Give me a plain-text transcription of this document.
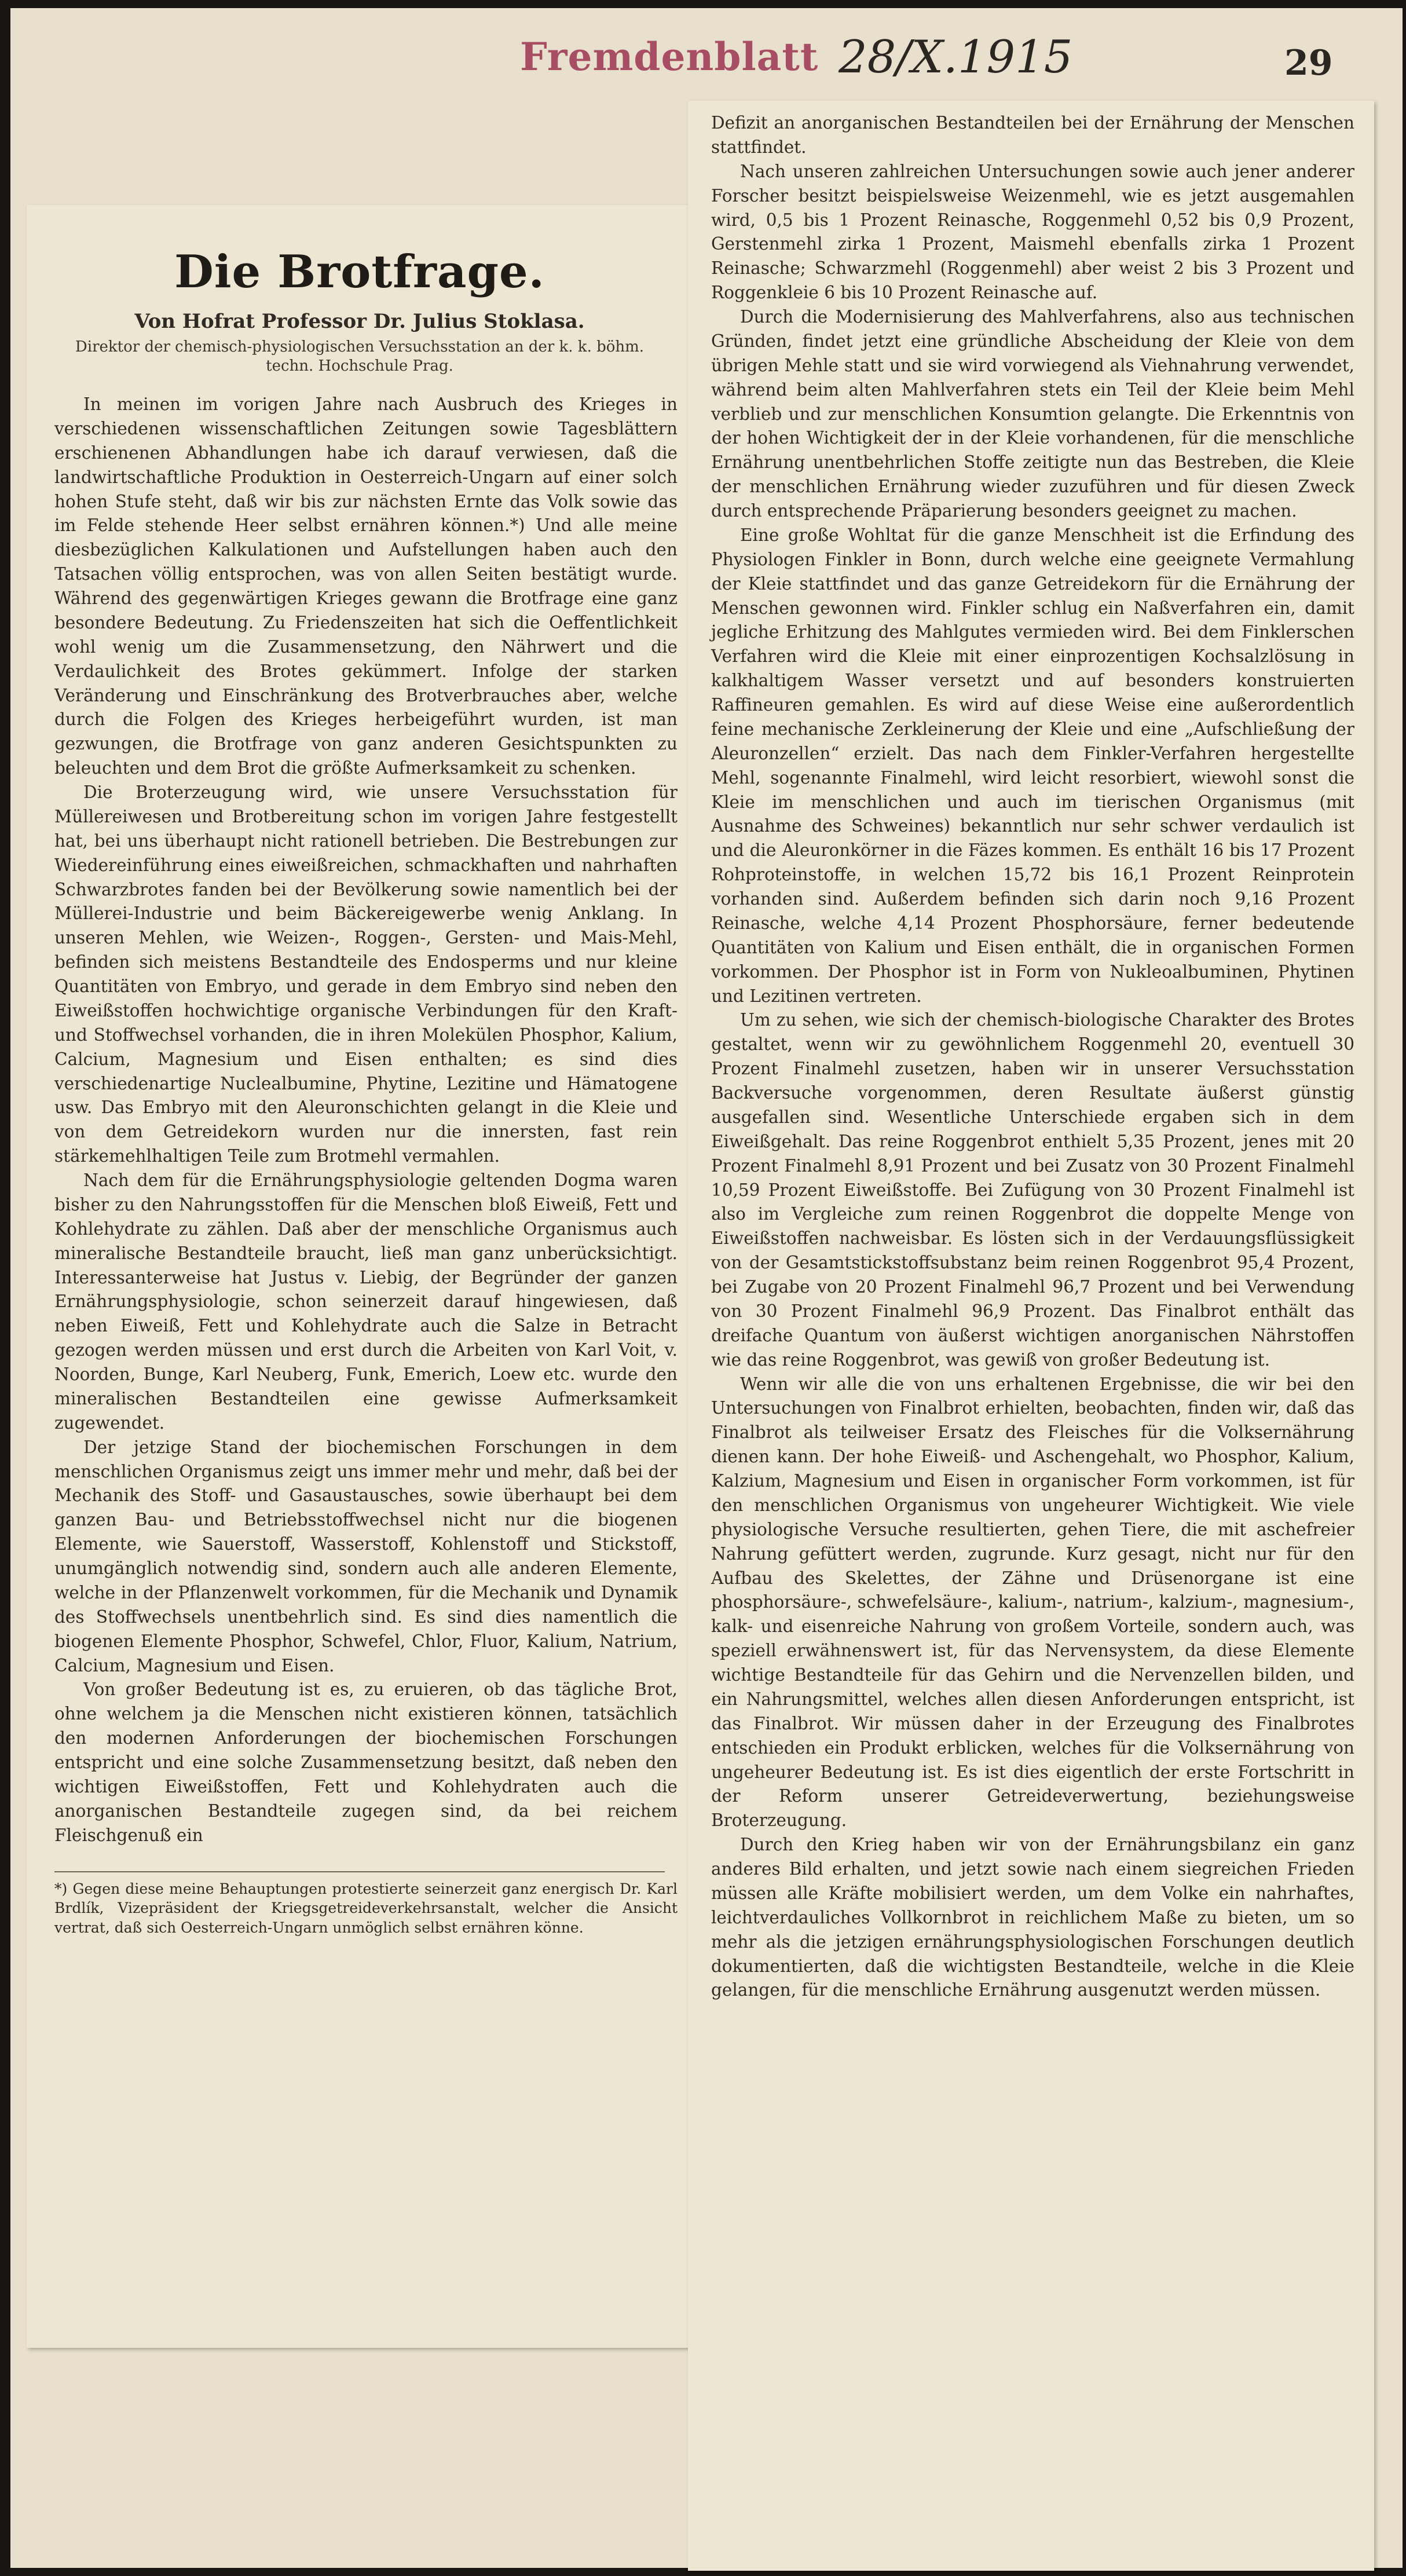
Fremdenblatt 28/X.1915	29
Die Brotfrage.
Von Hofrat Professor Dr. Julius Stoklasa.
Direktor der chemisch-physiologischen Versuchsstation an der k. k. böhm. techn. Hochschule Prag.

In meinen im vorigen Jahre nach Ausbruch des Krieges in verschiedenen wissenschaftlichen Zeitungen sowie Tagesblättern erschienenen Abhandlungen habe ich darauf verwiesen, daß die landwirtschaftliche Produktion in Oesterreich-Ungarn auf einer solch hohen Stufe steht, daß wir bis zur nächsten Ernte das Volk sowie das im Felde stehende Heer selbst ernähren können.*) Und alle meine diesbezüglichen Kalkulationen und Aufstellungen haben auch den Tatsachen völlig entsprochen, was von allen Seiten bestätigt wurde. Während des gegenwärtigen Krieges gewann die Brotfrage eine ganz besondere Bedeutung. Zu Friedenszeiten hat sich die Oeffentlichkeit wohl wenig um die Zusammensetzung, den Nährwert und die Verdaulichkeit des Brotes gekümmert. Infolge der starken Veränderung und Einschränkung des Brotverbrauches aber, welche durch die Folgen des Krieges herbeigeführt wurden, ist man gezwungen, die Brotfrage von ganz anderen Gesichtspunkten zu beleuchten und dem Brot die größte Aufmerksamkeit zu schenken.

Die Broterzeugung wird, wie unsere Versuchsstation für Müllereiwesen und Brotbereitung schon im vorigen Jahre festgestellt hat, bei uns überhaupt nicht rationell betrieben. Die Bestrebungen zur Wiedereinführung eines eiweißreichen, schmackhaften und nahrhaften Schwarzbrotes fanden bei der Bevölkerung sowie namentlich bei der Müllerei-Industrie und beim Bäckereigewerbe wenig Anklang. In unseren Mehlen, wie Weizen-, Roggen-, Gersten- und Mais-Mehl, befinden sich meistens Bestandteile des Endosperms und nur kleine Quantitäten von Embryo, und gerade in dem Embryo sind neben den Eiweißstoffen hochwichtige organische Verbindungen für den Kraft- und Stoffwechsel vorhanden, die in ihren Molekülen Phosphor, Kalium, Calcium, Magnesium und Eisen enthalten; es sind dies verschiedenartige Nuclealbumine, Phytine, Lezitine und Hämatogene usw. Das Embryo mit den Aleuronschichten gelangt in die Kleie und von dem Getreidekorn wurden nur die innersten, fast rein stärkemehlhaltigen Teile zum Brotmehl vermahlen.

Nach dem für die Ernährungsphysiologie geltenden Dogma waren bisher zu den Nahrungsstoffen für die Menschen bloß Eiweiß, Fett und Kohlehydrate zu zählen. Daß aber der menschliche Organismus auch mineralische Bestandteile braucht, ließ man ganz unberücksichtigt. Interessanterweise hat Justus v. Liebig, der Begründer der ganzen Ernährungsphysiologie, schon seinerzeit darauf hingewiesen, daß neben Eiweiß, Fett und Kohlehydrate auch die Salze in Betracht gezogen werden müssen und erst durch die Arbeiten von Karl Voit, v. Noorden, Bunge, Karl Neuberg, Funk, Emerich, Loew etc. wurde den mineralischen Bestandteilen eine gewisse Aufmerksamkeit zugewendet.

Der jetzige Stand der biochemischen Forschungen in dem menschlichen Organismus zeigt uns immer mehr und mehr, daß bei der Mechanik des Stoff- und Gasaustausches, sowie überhaupt bei dem ganzen Bau- und Betriebsstoffwechsel nicht nur die biogenen Elemente, wie Sauerstoff, Wasserstoff, Kohlenstoff und Stickstoff, unumgänglich notwendig sind, sondern auch alle anderen Elemente, welche in der Pflanzenwelt vorkommen, für die Mechanik und Dynamik des Stoffwechsels unentbehrlich sind. Es sind dies namentlich die biogenen Elemente Phosphor, Schwefel, Chlor, Fluor, Kalium, Natrium, Calcium, Magnesium und Eisen.

Von großer Bedeutung ist es, zu eruieren, ob das tägliche Brot, ohne welchem ja die Menschen nicht existieren können, tatsächlich den modernen Anforderungen der biochemischen Forschungen entspricht und eine solche Zusammensetzung besitzt, daß neben den wichtigen Eiweißstoffen, Fett und Kohlehydraten auch die anorganischen Bestandteile zugegen sind, da bei reichem Fleischgenuß ein

*) Gegen diese meine Behauptungen protestierte seinerzeit ganz energisch Dr. Karl Brdlík, Vizepräsident der Kriegsgetreideverkehrsanstalt, welcher die Ansicht vertrat, daß sich Oesterreich-Ungarn unmöglich selbst ernähren könne.

Defizit an anorganischen Bestandteilen bei der Ernährung der Menschen stattfindet.

Nach unseren zahlreichen Untersuchungen sowie auch jener anderer Forscher besitzt beispielsweise Weizenmehl, wie es jetzt ausgemahlen wird, 0,5 bis 1 Prozent Reinasche, Roggenmehl 0,52 bis 0,9 Prozent, Gerstenmehl zirka 1 Prozent, Maismehl ebenfalls zirka 1 Prozent Reinasche; Schwarzmehl (Roggenmehl) aber weist 2 bis 3 Prozent und Roggenkleie 6 bis 10 Prozent Reinasche auf.

Durch die Modernisierung des Mahlverfahrens, also aus technischen Gründen, findet jetzt eine gründliche Abscheidung der Kleie von dem übrigen Mehle statt und sie wird vorwiegend als Viehnahrung verwendet, während beim alten Mahlverfahren stets ein Teil der Kleie beim Mehl verblieb und zur menschlichen Konsumtion gelangte. Die Erkenntnis von der hohen Wichtigkeit der in der Kleie vorhandenen, für die menschliche Ernährung unentbehrlichen Stoffe zeitigte nun das Bestreben, die Kleie der menschlichen Ernährung wieder zuzuführen und für diesen Zweck durch entsprechende Präparierung besonders geeignet zu machen.

Eine große Wohltat für die ganze Menschheit ist die Erfindung des Physiologen Finkler in Bonn, durch welche eine geeignete Vermahlung der Kleie stattfindet und das ganze Getreidekorn für die Ernährung der Menschen gewonnen wird. Finkler schlug ein Naßverfahren ein, damit jegliche Erhitzung des Mahlgutes vermieden wird. Bei dem Finklerschen Verfahren wird die Kleie mit einer einprozentigen Kochsalzlösung in kalkhaltigem Wasser versetzt und auf besonders konstruierten Raffineuren gemahlen. Es wird auf diese Weise eine außerordentlich feine mechanische Zerkleinerung der Kleie und eine „Aufschließung der Aleuronzellen“ erzielt. Das nach dem Finkler-Verfahren hergestellte Mehl, sogenannte Finalmehl, wird leicht resorbiert, wiewohl sonst die Kleie im menschlichen und auch im tierischen Organismus (mit Ausnahme des Schweines) bekanntlich nur sehr schwer verdaulich ist und die Aleuronkörner in die Fäzes kommen. Es enthält 16 bis 17 Prozent Rohproteinstoffe, in welchen 15,72 bis 16,1 Prozent Reinprotein vorhanden sind. Außerdem befinden sich darin noch 9,16 Prozent Reinasche, welche 4,14 Prozent Phosphorsäure, ferner bedeutende Quantitäten von Kalium und Eisen enthält, die in organischen Formen vorkommen. Der Phosphor ist in Form von Nukleoalbuminen, Phytinen und Lezitinen vertreten.

Um zu sehen, wie sich der chemisch-biologische Charakter des Brotes gestaltet, wenn wir zu gewöhnlichem Roggenmehl 20, eventuell 30 Prozent Finalmehl zusetzen, haben wir in unserer Versuchsstation Backversuche vorgenommen, deren Resultate äußerst günstig ausgefallen sind. Wesentliche Unterschiede ergaben sich in dem Eiweißgehalt. Das reine Roggenbrot enthielt 5,35 Prozent, jenes mit 20 Prozent Finalmehl 8,91 Prozent und bei Zusatz von 30 Prozent Finalmehl 10,59 Prozent Eiweißstoffe. Bei Zufügung von 30 Prozent Finalmehl ist also im Vergleiche zum reinen Roggenbrot die doppelte Menge von Eiweißstoffen nachweisbar. Es lösten sich in der Verdauungsflüssigkeit von der Gesamtstickstoffsubstanz beim reinen Roggenbrot 95,4 Prozent, bei Zugabe von 20 Prozent Finalmehl 96,7 Prozent und bei Verwendung von 30 Prozent Finalmehl 96,9 Prozent. Das Finalbrot enthält das dreifache Quantum von äußerst wichtigen anorganischen Nährstoffen wie das reine Roggenbrot, was gewiß von großer Bedeutung ist.

Wenn wir alle die von uns erhaltenen Ergebnisse, die wir bei den Untersuchungen von Finalbrot erhielten, beobachten, finden wir, daß das Finalbrot als teilweiser Ersatz des Fleisches für die Volksernährung dienen kann. Der hohe Eiweiß- und Aschengehalt, wo Phosphor, Kalium, Kalzium, Magnesium und Eisen in organischer Form vorkommen, ist für den menschlichen Organismus von ungeheurer Wichtigkeit. Wie viele physiologische Versuche resultierten, gehen Tiere, die mit aschefreier Nahrung gefüttert werden, zugrunde. Kurz gesagt, nicht nur für den Aufbau des Skelettes, der Zähne und Drüsenorgane ist eine phosphorsäure-, schwefelsäure-, kalium-, natrium-, kalzium-, magnesium-, kalk- und eisenreiche Nahrung von großem Vorteile, sondern auch, was speziell erwähnenswert ist, für das Nervensystem, da diese Elemente wichtige Bestandteile für das Gehirn und die Nervenzellen bilden, und ein Nahrungsmittel, welches allen diesen Anforderungen entspricht, ist das Finalbrot. Wir müssen daher in der Erzeugung des Finalbrotes entschieden ein Produkt erblicken, welches für die Volksernährung von ungeheurer Bedeutung ist. Es ist dies eigentlich der erste Fortschritt in der Reform unserer Getreideverwertung, beziehungsweise Broterzeugung.

Durch den Krieg haben wir von der Ernährungsbilanz ein ganz anderes Bild erhalten, und jetzt sowie nach einem siegreichen Frieden müssen alle Kräfte mobilisiert werden, um dem Volke ein nahrhaftes, leichtverdauliches Vollkornbrot in reichlichem Maße zu bieten, um so mehr als die jetzigen ernährungsphysiologischen Forschungen deutlich dokumentierten, daß die wichtigsten Bestandteile, welche in die Kleie gelangen, für die menschliche Ernährung ausgenutzt werden müssen.
